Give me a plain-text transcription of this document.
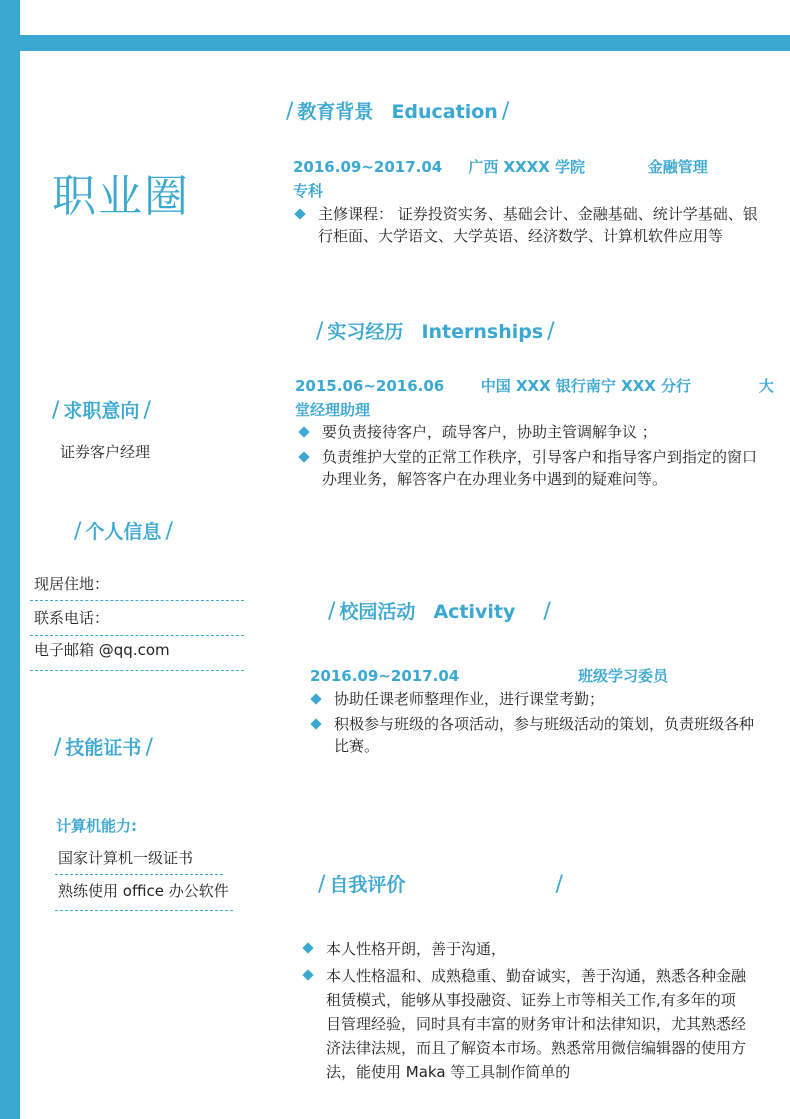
职业圈
/ 求职意向 /
证券客户经理
/ 个人信息 /
现居住地：
联系电话：
电子邮箱 @qq.com
/ 技能证书 /
计算机能力:
国家计算机一级证书
熟练使用 office 办公软件
/ 教育背景 Education /
2016.09~2017.04     广西 XXXX 学院            金融管理
专科
主修课程： 证券投资实务、基础会计、金融基础、统计学基础、银行柜面、大学语文、大学英语、经济数学、计算机软件应用等
/ 实习经历 Internships /
2015.06~2016.06       中国 XXX 银行南宁 XXX 分行             大
堂经理助理
要负责接待客户，疏导客户，协助主管调解争议 ；
负责维护大堂的正常工作秩序，引导客户和指导客户到指定的窗口办理业务，解答客户在办理业务中遇到的疑难问等。
/ 校园活动 Activity /
2016.09~2017.04	班级学习委员
协助任课老师整理作业，进行课堂考勤；
积极参与班级的各项活动，参与班级活动的策划，负责班级各种比赛。
/ 自我评价	/
本人性格开朗，善于沟通，
本人性格温和、成熟稳重、勤奋诚实，善于沟通，熟悉各种金融租赁模式，能够从事投融资、证券上市等相关工作,有多年的项目管理经验，同时具有丰富的财务审计和法律知识，尤其熟悉经济法律法规，而且了解资本市场。熟悉常用微信编辑器的使用方法，能使用 Maka 等工具制作简单的
